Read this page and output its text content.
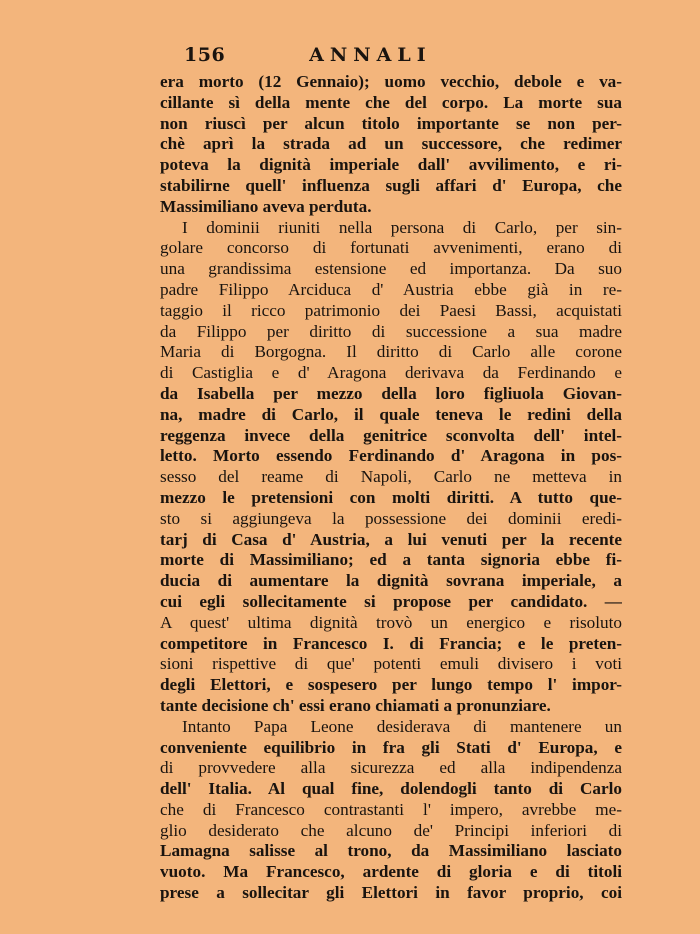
156	ANNALI
era morto (12 Gennaio); uomo vecchio, debole e va-
cillante sì della mente che del corpo. La morte sua
non riuscì per alcun titolo importante se non per-
chè aprì la strada ad un successore, che redimer
poteva la dignità imperiale dall' avvilimento, e ri-
stabilirne quell' influenza sugli affari d' Europa, che
Massimiliano aveva perduta.
I dominii riuniti nella persona di Carlo, per sin-
golare concorso di fortunati avvenimenti, erano di
una grandissima estensione ed importanza. Da suo
padre Filippo Arciduca d' Austria ebbe già in re-
taggio il ricco patrimonio dei Paesi Bassi, acquistati
da Filippo per diritto di successione a sua madre
Maria di Borgogna. Il diritto di Carlo alle corone
di Castiglia e d' Aragona derivava da Ferdinando e
da Isabella per mezzo della loro figliuola Giovan-
na, madre di Carlo, il quale teneva le redini della
reggenza invece della genitrice sconvolta dell' intel-
letto. Morto essendo Ferdinando d' Aragona in pos-
sesso del reame di Napoli, Carlo ne metteva in
mezzo le pretensioni con molti diritti. A tutto que-
sto si aggiungeva la possessione dei dominii eredi-
tarj di Casa d' Austria, a lui venuti per la recente
morte di Massimiliano; ed a tanta signoria ebbe fi-
ducia di aumentare la dignità sovrana imperiale, a
cui egli sollecitamente si propose per candidato. —
A quest' ultima dignità trovò un energico e risoluto
competitore in Francesco I. di Francia; e le preten-
sioni rispettive di que' potenti emuli divisero i voti
degli Elettori, e sospesero per lungo tempo l' impor-
tante decisione ch' essi erano chiamati a pronunziare.
Intanto Papa Leone desiderava di mantenere un
conveniente equilibrio in fra gli Stati d' Europa, e
di provvedere alla sicurezza ed alla indipendenza
dell' Italia. Al qual fine, dolendogli tanto di Carlo
che di Francesco contrastanti l' impero, avrebbe me-
glio desiderato che alcuno de' Principi inferiori di
Lamagna salisse al trono, da Massimiliano lasciato
vuoto. Ma Francesco, ardente di gloria e di titoli
prese a sollecitar gli Elettori in favor proprio, coi
